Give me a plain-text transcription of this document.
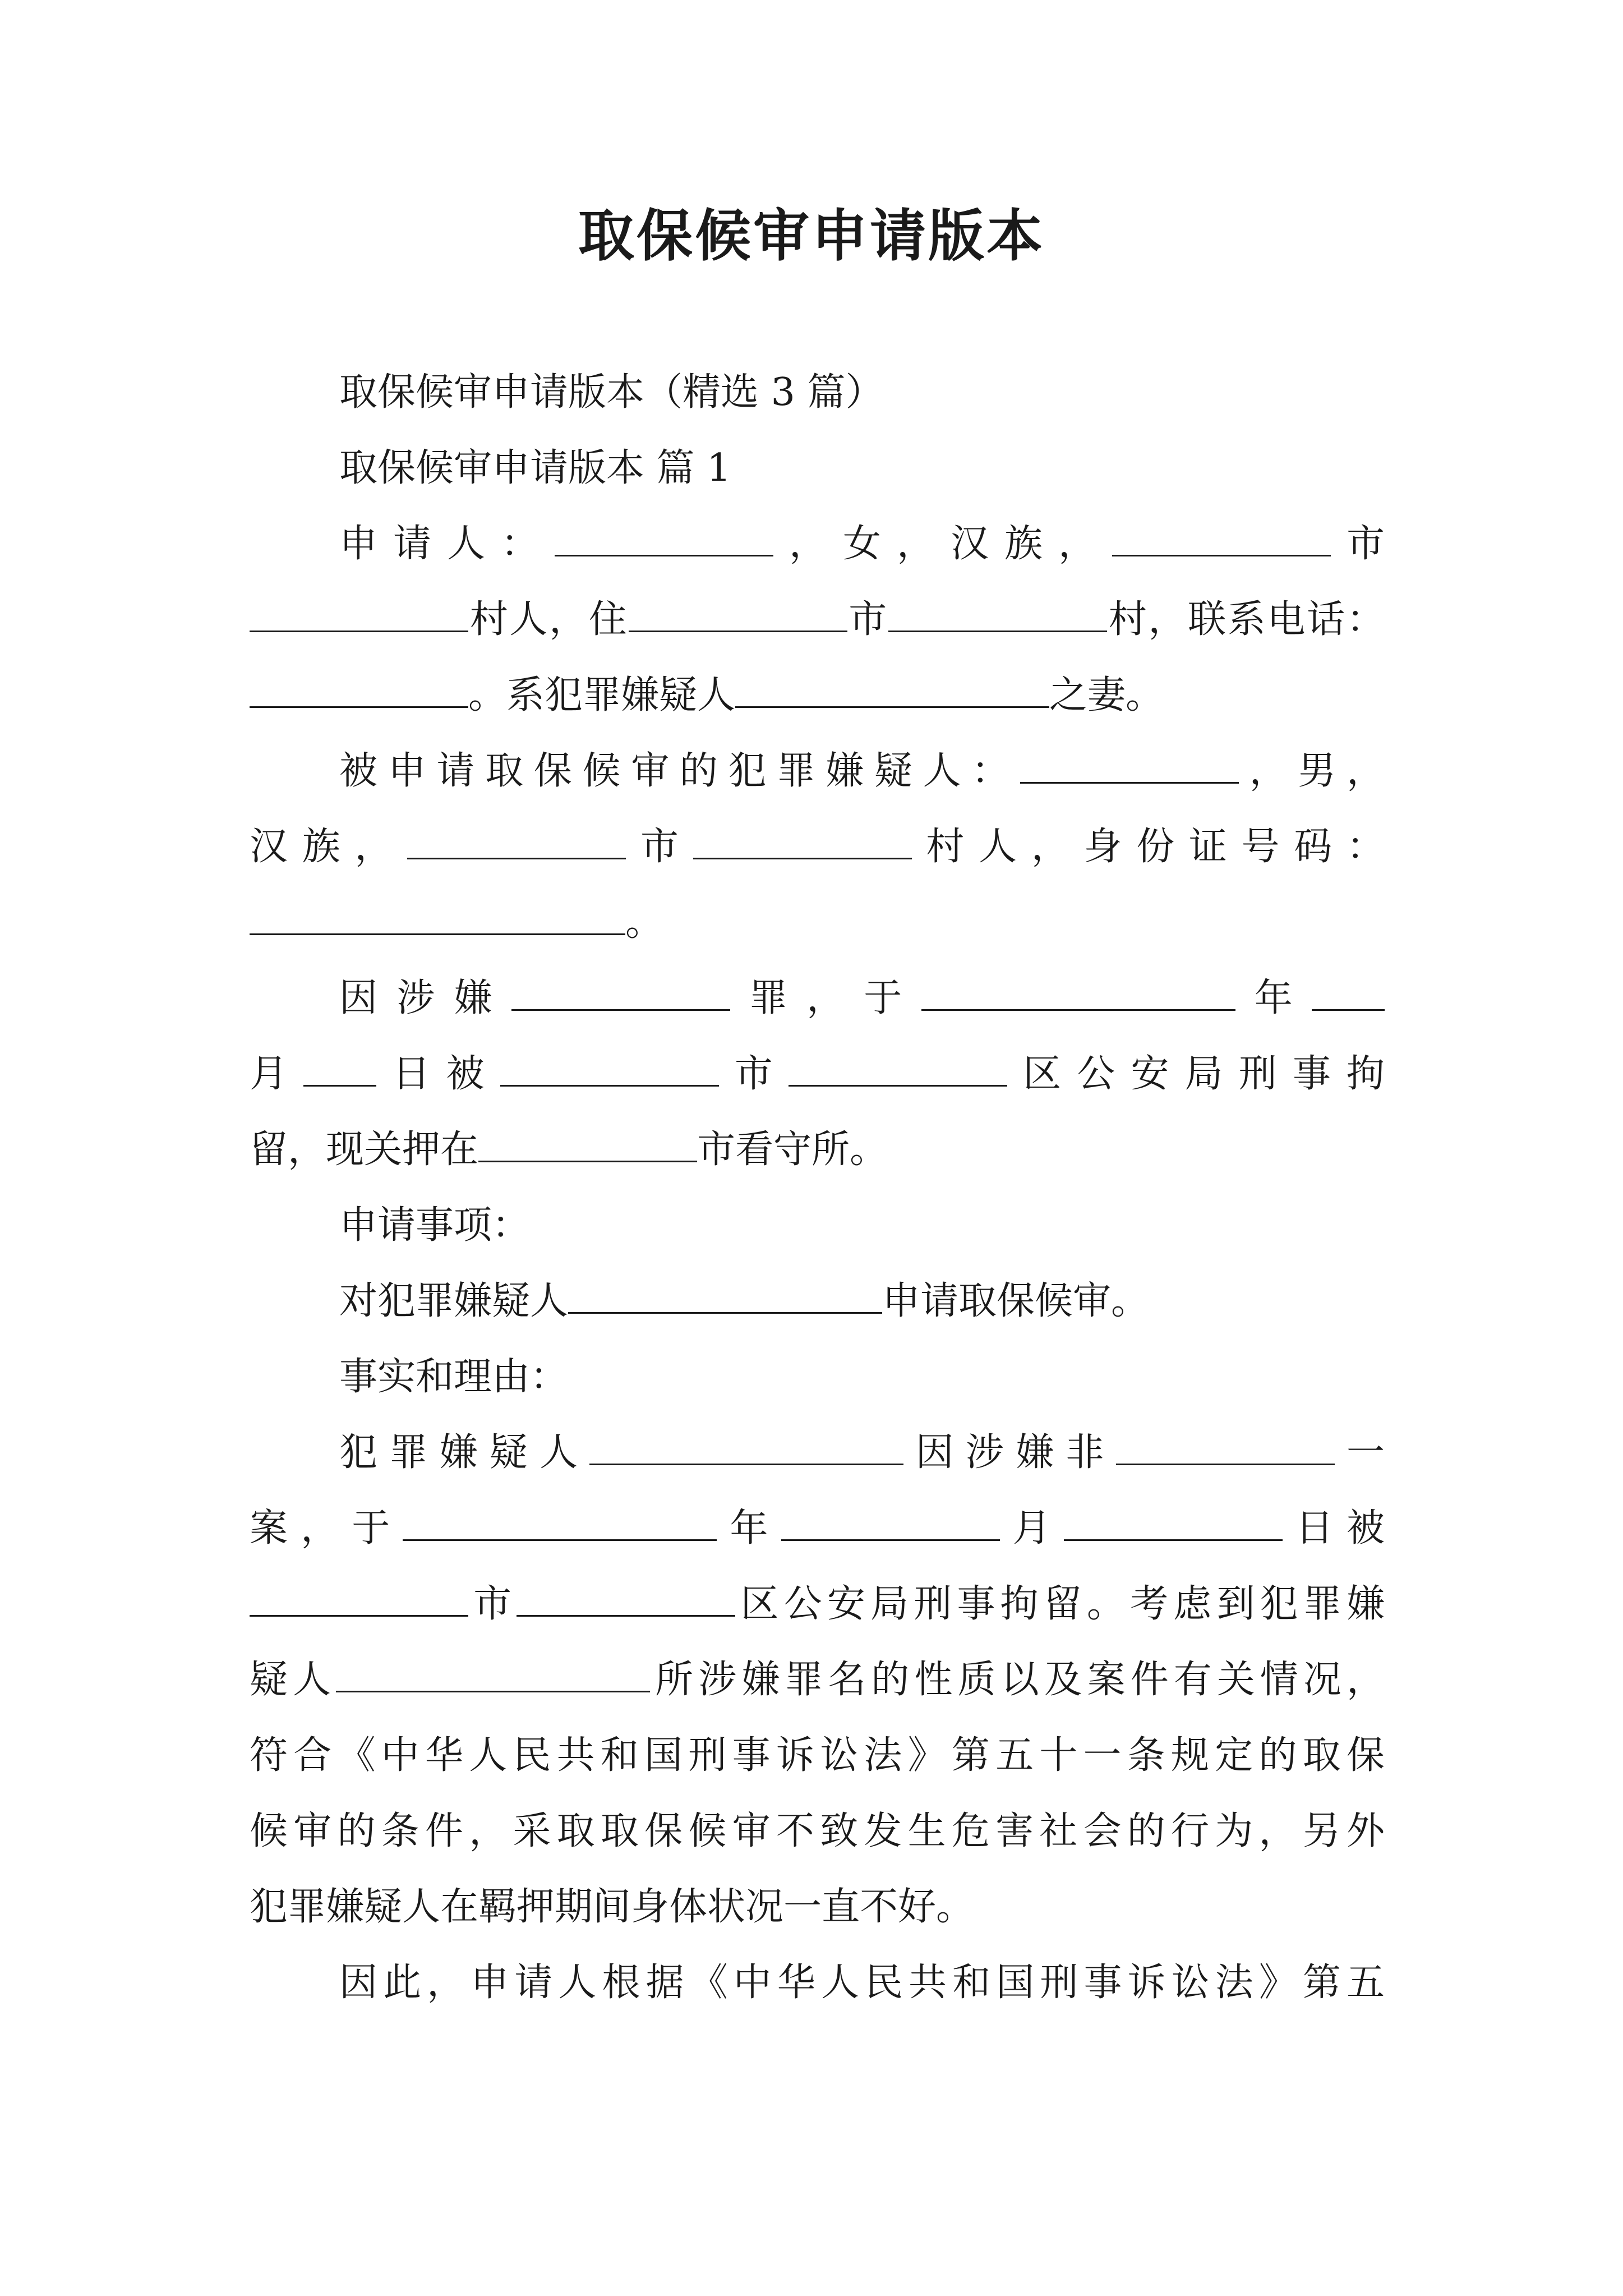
取保候审申请版本
取保候审申请版本（精选 3 篇）
取保候审申请版本 篇 1
申请人：	，女，汉族，	市
村人，住	市	村，联系电话：
。系犯罪嫌疑人	之妻。
被申请取保候审的犯罪嫌疑人：	，男，
汉族，	市	村人，身份证号码：
。
因涉嫌	罪，于	年
月 日被	市	区公安局刑事拘
留，现关押在	市看守所。
申请事项：
对犯罪嫌疑人	申请取保候审。
事实和理由：
犯罪嫌疑人	因涉嫌非	一
案，于	年	月	日被
市	区公安局刑事拘留。考虑到犯罪嫌
疑人	所涉嫌罪名的性质以及案件有关情况，
符合《中华人民共和国刑事诉讼法》第五十一条规定的取保
候审的条件，采取取保候审不致发生危害社会的行为，另外
犯罪嫌疑人在羁押期间身体状况一直不好。
因此，申请人根据《中华人民共和国刑事诉讼法》第五
